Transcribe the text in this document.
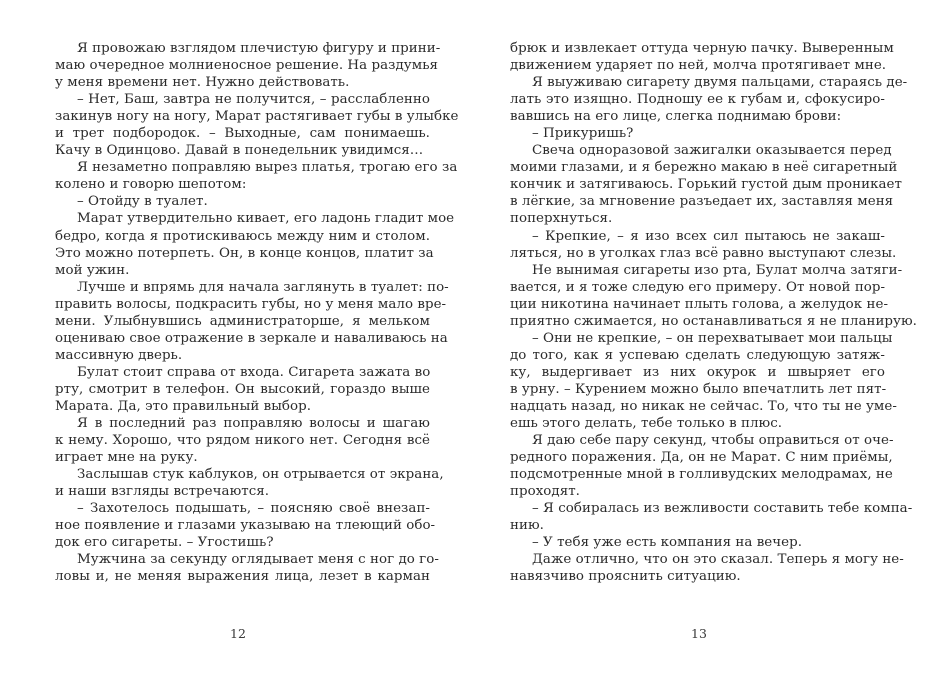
Я провожаю взглядом плечистую фигуру и прини-
маю очередное молниеносное решение. На раздумья
у меня времени нет. Нужно действовать.
– Нет, Баш, завтра не получится, – расслабленно
закинув ногу на ногу, Марат растягивает губы в улыбке
и трет подбородок. – Выходные, сам понимаешь.
Качу в Одинцово. Давай в понедельник увидимся…
Я незаметно поправляю вырез платья, трогаю его за
колено и говорю шепотом:
– Отойду в туалет.
Марат утвердительно кивает, его ладонь гладит мое
бедро, когда я протискиваюсь между ним и столом.
Это можно потерпеть. Он, в конце концов, платит за
мой ужин.
Лучше и впрямь для начала заглянуть в туалет: по-
править волосы, подкрасить губы, но у меня мало вре-
мени. Улыбнувшись администраторше, я мельком
оцениваю свое отражение в зеркале и наваливаюсь на
массивную дверь.
Булат стоит справа от входа. Сигарета зажата во
рту, смотрит в телефон. Он высокий, гораздо выше
Марата. Да, это правильный выбор.
Я в последний раз поправляю волосы и шагаю
к нему. Хорошо, что рядом никого нет. Сегодня всё
играет мне на руку.
Заслышав стук каблуков, он отрывается от экрана,
и наши взгляды встречаются.
– Захотелось подышать, – поясняю своё внезап-
ное появление и глазами указываю на тлеющий обо-
док его сигареты. – Угостишь?
Мужчина за секунду оглядывает меня с ног до го-
ловы и, не меняя выражения лица, лезет в карман
12
брюк и извлекает оттуда черную пачку. Выверенным
движением ударяет по ней, молча протягивает мне.
Я выуживаю сигарету двумя пальцами, стараясь де-
лать это изящно. Подношу ее к губам и, сфокусиро-
вавшись на его лице, слегка поднимаю брови:
– Прикуришь?
Свеча одноразовой зажигалки оказывается перед
моими глазами, и я бережно макаю в неё сигаретный
кончик и затягиваюсь. Горький густой дым проникает
в лёгкие, за мгновение разъедает их, заставляя меня
поперхнуться.
– Крепкие, – я изо всех сил пытаюсь не закаш-
ляться, но в уголках глаз всё равно выступают слезы.
Не вынимая сигареты изо рта, Булат молча затяги-
вается, и я тоже следую его примеру. От новой пор-
ции никотина начинает плыть голова, а желудок не-
приятно сжимается, но останавливаться я не планирую.
– Они не крепкие, – он перехватывает мои пальцы
до того, как я успеваю сделать следующую затяж-
ку, выдергивает из них окурок и швыряет его
в урну. – Курением можно было впечатлить лет пят-
надцать назад, но никак не сейчас. То, что ты не уме-
ешь этого делать, тебе только в плюс.
Я даю себе пару секунд, чтобы оправиться от оче-
редного поражения. Да, он не Марат. С ним приёмы,
подсмотренные мной в голливудских мелодрамах, не
проходят.
– Я собиралась из вежливости составить тебе компа-
нию.
– У тебя уже есть компания на вечер.
Даже отлично, что он это сказал. Теперь я могу не-
навязчиво прояснить ситуацию.
13
